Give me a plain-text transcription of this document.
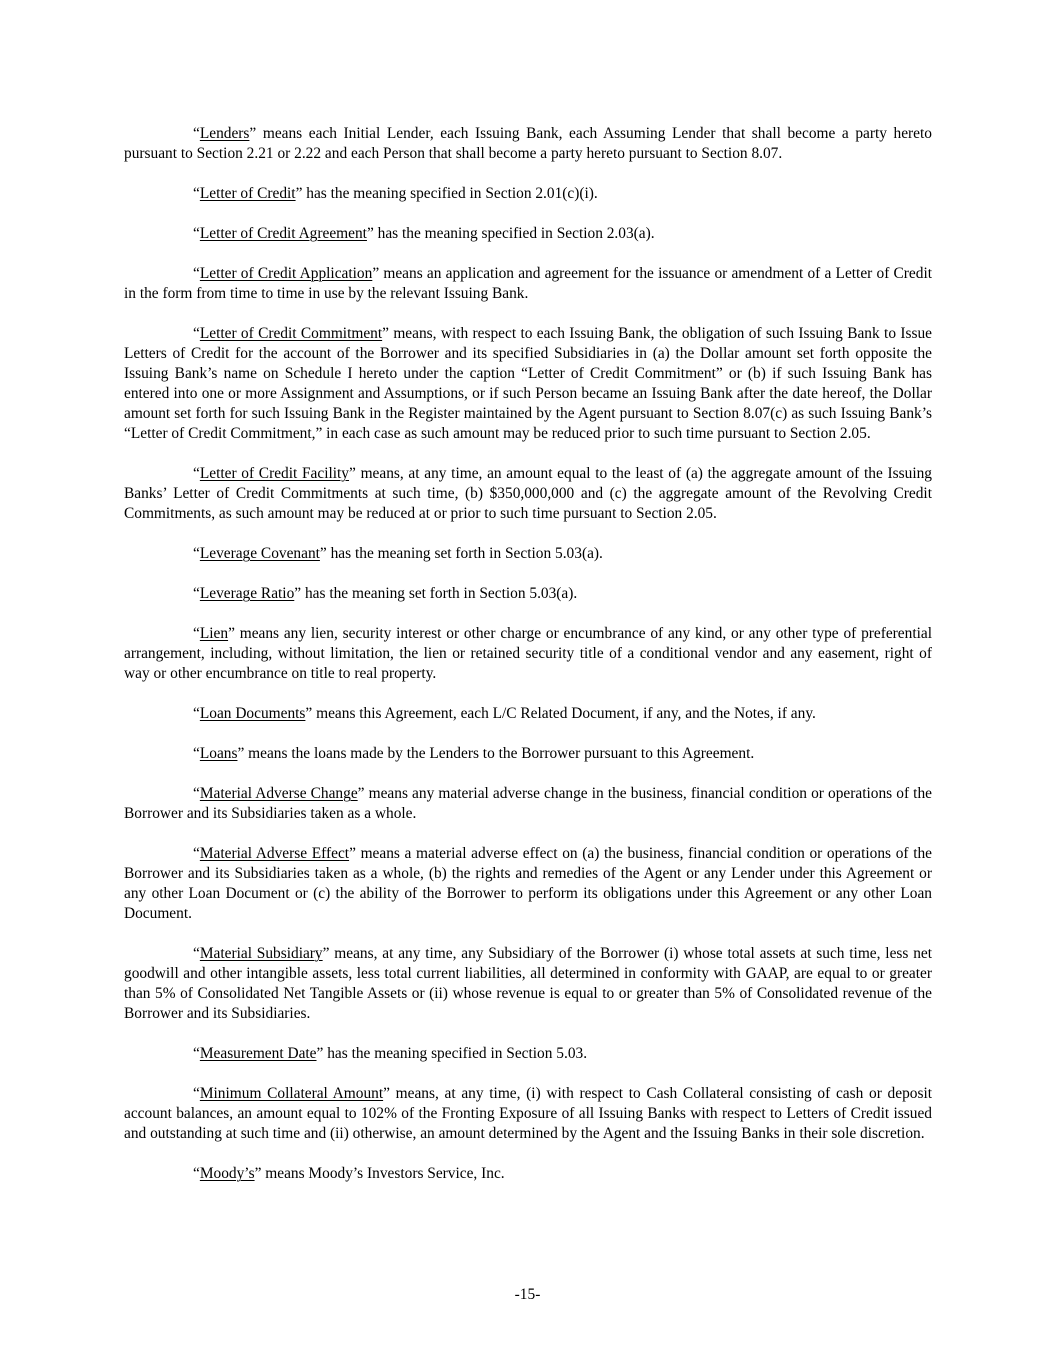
“Lenders” means each Initial Lender, each Issuing Bank, each Assuming Lender that shall become a party hereto pursuant to Section 2.21 or 2.22 and each Person that shall become a party hereto pursuant to Section 8.07.

“Letter of Credit” has the meaning specified in Section 2.01(c)(i).

“Letter of Credit Agreement” has the meaning specified in Section 2.03(a).

“Letter of Credit Application” means an application and agreement for the issuance or amendment of a Letter of Credit in the form from time to time in use by the relevant Issuing Bank.

“Letter of Credit Commitment” means, with respect to each Issuing Bank, the obligation of such Issuing Bank to Issue Letters of Credit for the account of the Borrower and its specified Subsidiaries in (a) the Dollar amount set forth opposite the Issuing Bank’s name on Schedule I hereto under the caption “Letter of Credit Commitment” or (b) if such Issuing Bank has entered into one or more Assignment and Assumptions, or if such Person became an Issuing Bank after the date hereof, the Dollar amount set forth for such Issuing Bank in the Register maintained by the Agent pursuant to Section 8.07(c) as such Issuing Bank’s “Letter of Credit Commitment,” in each case as such amount may be reduced prior to such time pursuant to Section 2.05.

“Letter of Credit Facility” means, at any time, an amount equal to the least of (a) the aggregate amount of the Issuing Banks’ Letter of Credit Commitments at such time, (b) $350,000,000 and (c) the aggregate amount of the Revolving Credit Commitments, as such amount may be reduced at or prior to such time pursuant to Section 2.05.

“Leverage Covenant” has the meaning set forth in Section 5.03(a).

“Leverage Ratio” has the meaning set forth in Section 5.03(a).

“Lien” means any lien, security interest or other charge or encumbrance of any kind, or any other type of preferential arrangement, including, without limitation, the lien or retained security title of a conditional vendor and any easement, right of way or other encumbrance on title to real property.

“Loan Documents” means this Agreement, each L/C Related Document, if any, and the Notes, if any.

“Loans” means the loans made by the Lenders to the Borrower pursuant to this Agreement.

“Material Adverse Change” means any material adverse change in the business, financial condition or operations of the Borrower and its Subsidiaries taken as a whole.

“Material Adverse Effect” means a material adverse effect on (a) the business, financial condition or operations of the Borrower and its Subsidiaries taken as a whole, (b) the rights and remedies of the Agent or any Lender under this Agreement or any other Loan Document or (c) the ability of the Borrower to perform its obligations under this Agreement or any other Loan Document.

“Material Subsidiary” means, at any time, any Subsidiary of the Borrower (i) whose total assets at such time, less net goodwill and other intangible assets, less total current liabilities, all determined in conformity with GAAP, are equal to or greater than 5% of Consolidated Net Tangible Assets or (ii) whose revenue is equal to or greater than 5% of Consolidated revenue of the Borrower and its Subsidiaries.

“Measurement Date” has the meaning specified in Section 5.03.

“Minimum Collateral Amount” means, at any time, (i) with respect to Cash Collateral consisting of cash or deposit account balances, an amount equal to 102% of the Fronting Exposure of all Issuing Banks with respect to Letters of Credit issued and outstanding at such time and (ii) otherwise, an amount determined by the Agent and the Issuing Banks in their sole discretion.

“Moody’s” means Moody’s Investors Service, Inc.

-15-
